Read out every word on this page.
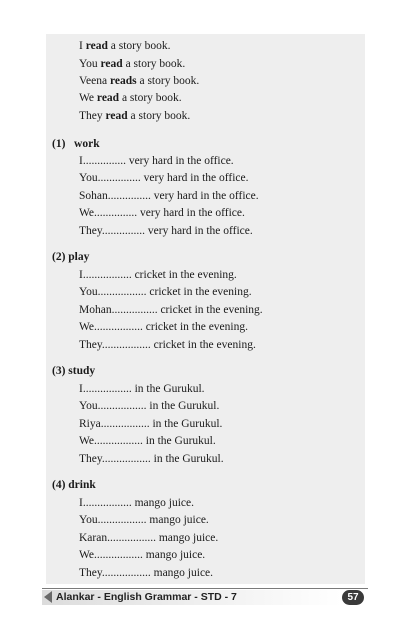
I read a story book.
You read a story book.
Veena reads a story book.
We read a story book.
They read a story book.
(1)   work
I............... very hard in the office.
You............... very hard in the office.
Sohan............... very hard in the office.
We............... very hard in the office.
They............... very hard in the office.
(2) play
I................. cricket in the evening.
You................. cricket in the evening.
Mohan................ cricket in the evening.
We................. cricket in the evening.
They................. cricket in the evening.
(3) study
I................. in the Gurukul.
You................. in the Gurukul.
Riya................. in the Gurukul.
We................. in the Gurukul.
They................. in the Gurukul.
(4) drink
I................. mango juice.
You................. mango juice.
Karan................. mango juice.
We................. mango juice.
They................. mango juice.
Alankar - English Grammar - STD - 7	57
